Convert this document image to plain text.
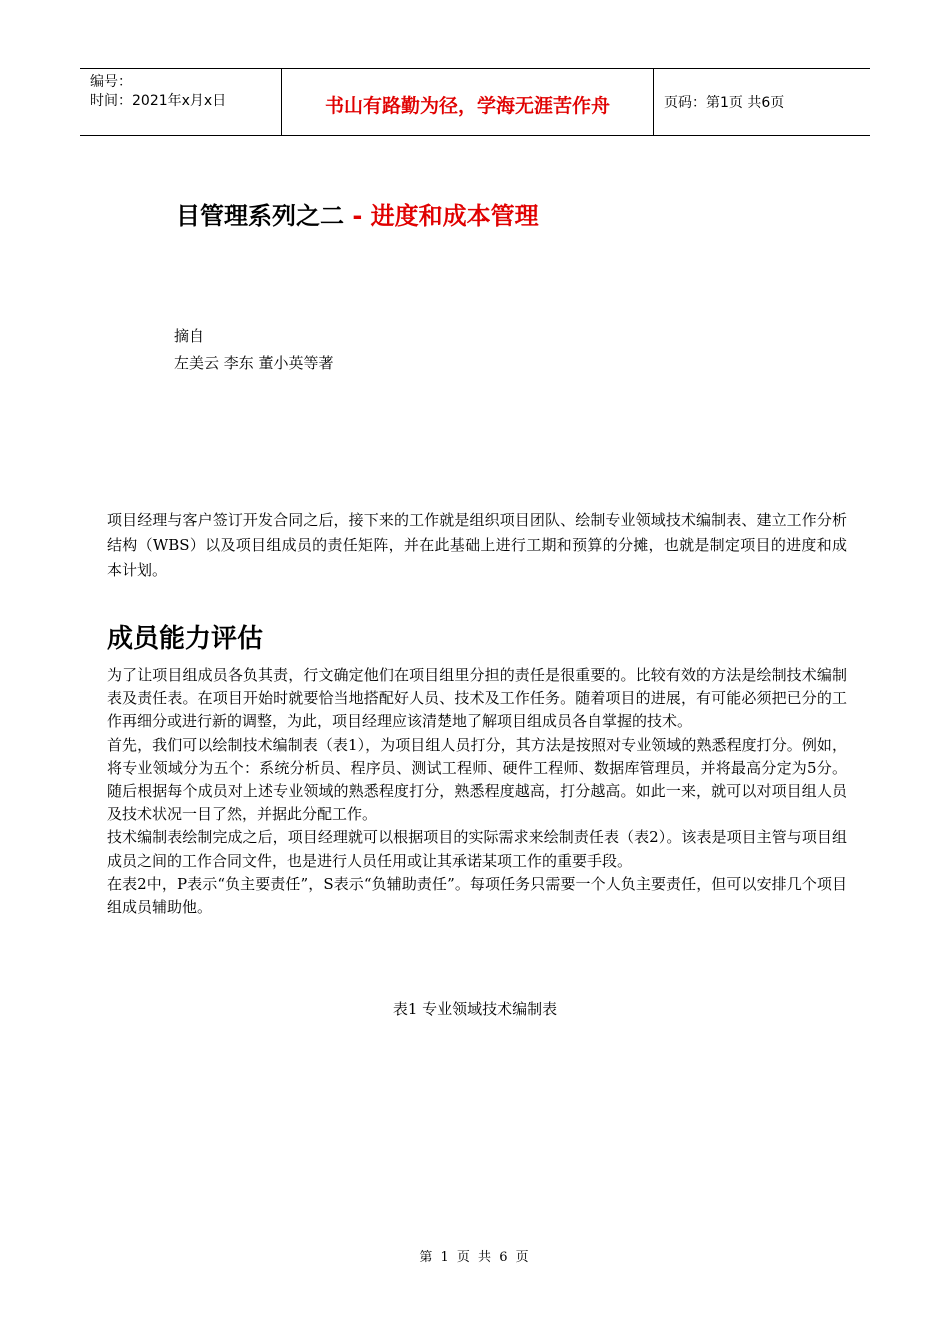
编号：
时间：2021年x月x日	书山有路勤为径，学海无涯苦作舟	页码：第1页 共6页
目管理系列之二 - 进度和成本管理
摘自
左美云 李东 董小英等著
项目经理与客户签订开发合同之后，接下来的工作就是组织项目团队、绘制专业领域技术编制表、建立工作分析结构（WBS）以及项目组成员的责任矩阵，并在此基础上进行工期和预算的分摊，也就是制定项目的进度和成本计划。
成员能力评估

为了让项目组成员各负其责，行文确定他们在项目组里分担的责任是很重要的。比较有效的方法是绘制技术编制表及责任表。在项目开始时就要恰当地搭配好人员、技术及工作任务。随着项目的进展，有可能必须把已分的工作再细分或进行新的调整，为此，项目经理应该清楚地了解项目组成员各自掌握的技术。

首先，我们可以绘制技术编制表（表1），为项目组人员打分，其方法是按照对专业领域的熟悉程度打分。例如，将专业领域分为五个：系统分析员、程序员、测试工程师、硬件工程师、数据库管理员，并将最高分定为5分。随后根据每个成员对上述专业领域的熟悉程度打分，熟悉程度越高，打分越高。如此一来，就可以对项目组人员及技术状况一目了然，并据此分配工作。

技术编制表绘制完成之后，项目经理就可以根据项目的实际需求来绘制责任表（表2）。该表是项目主管与项目组成员之间的工作合同文件，也是进行人员任用或让其承诺某项工作的重要手段。

在表2中，P表示“负主要责任”，S表示“负辅助责任”。每项任务只需要一个人负主要责任，但可以安排几个项目组成员辅助他。

表1 专业领域技术编制表
第 1 页 共 6 页
